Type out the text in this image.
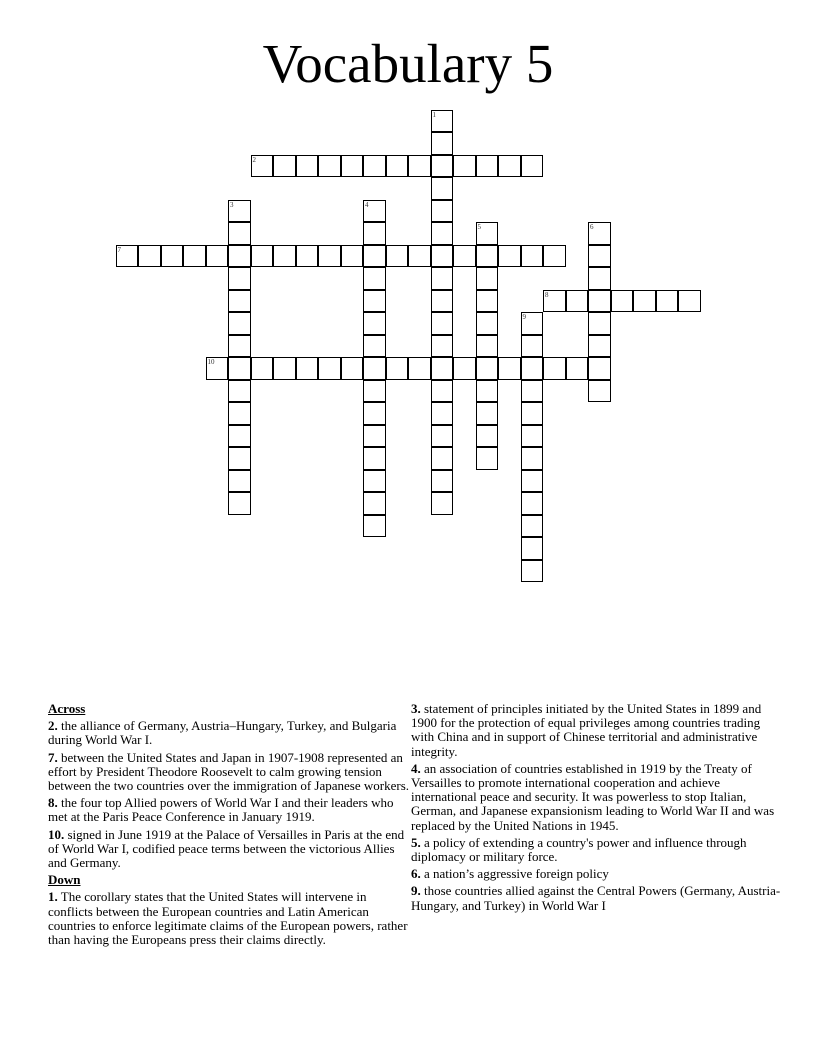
Vocabulary 5
1
2
3	4
5	6
7
8
9
10
Across
2. the alliance of Germany, Austria–Hungary, Turkey, and Bulgaria during World War I.
7. between the United States and Japan in 1907-1908 represented an effort by President Theodore Roosevelt to calm growing tension between the two countries over the immigration of Japanese workers.
8. the four top Allied powers of World War I and their leaders who met at the Paris Peace Conference in January 1919.
10. signed in June 1919 at the Palace of Versailles in Paris at the end of World War I, codified peace terms between the victorious Allies and Germany.
Down
1. The corollary states that the United States will intervene in conflicts between the European countries and Latin American countries to enforce legitimate claims of the European powers, rather than having the Europeans press their claims directly.
3. statement of principles initiated by the United States in 1899 and 1900 for the protection of equal privileges among countries trading with China and in support of Chinese territorial and administrative integrity.
4. an association of countries established in 1919 by the Treaty of Versailles to promote international cooperation and achieve international peace and security. It was powerless to stop Italian, German, and Japanese expansionism leading to World War II and was replaced by the United Nations in 1945.
5. a policy of extending a country's power and influence through diplomacy or military force.
6. a nation’s aggressive foreign policy
9. those countries allied against the Central Powers (Germany, Austria-Hungary, and Turkey) in World War I
